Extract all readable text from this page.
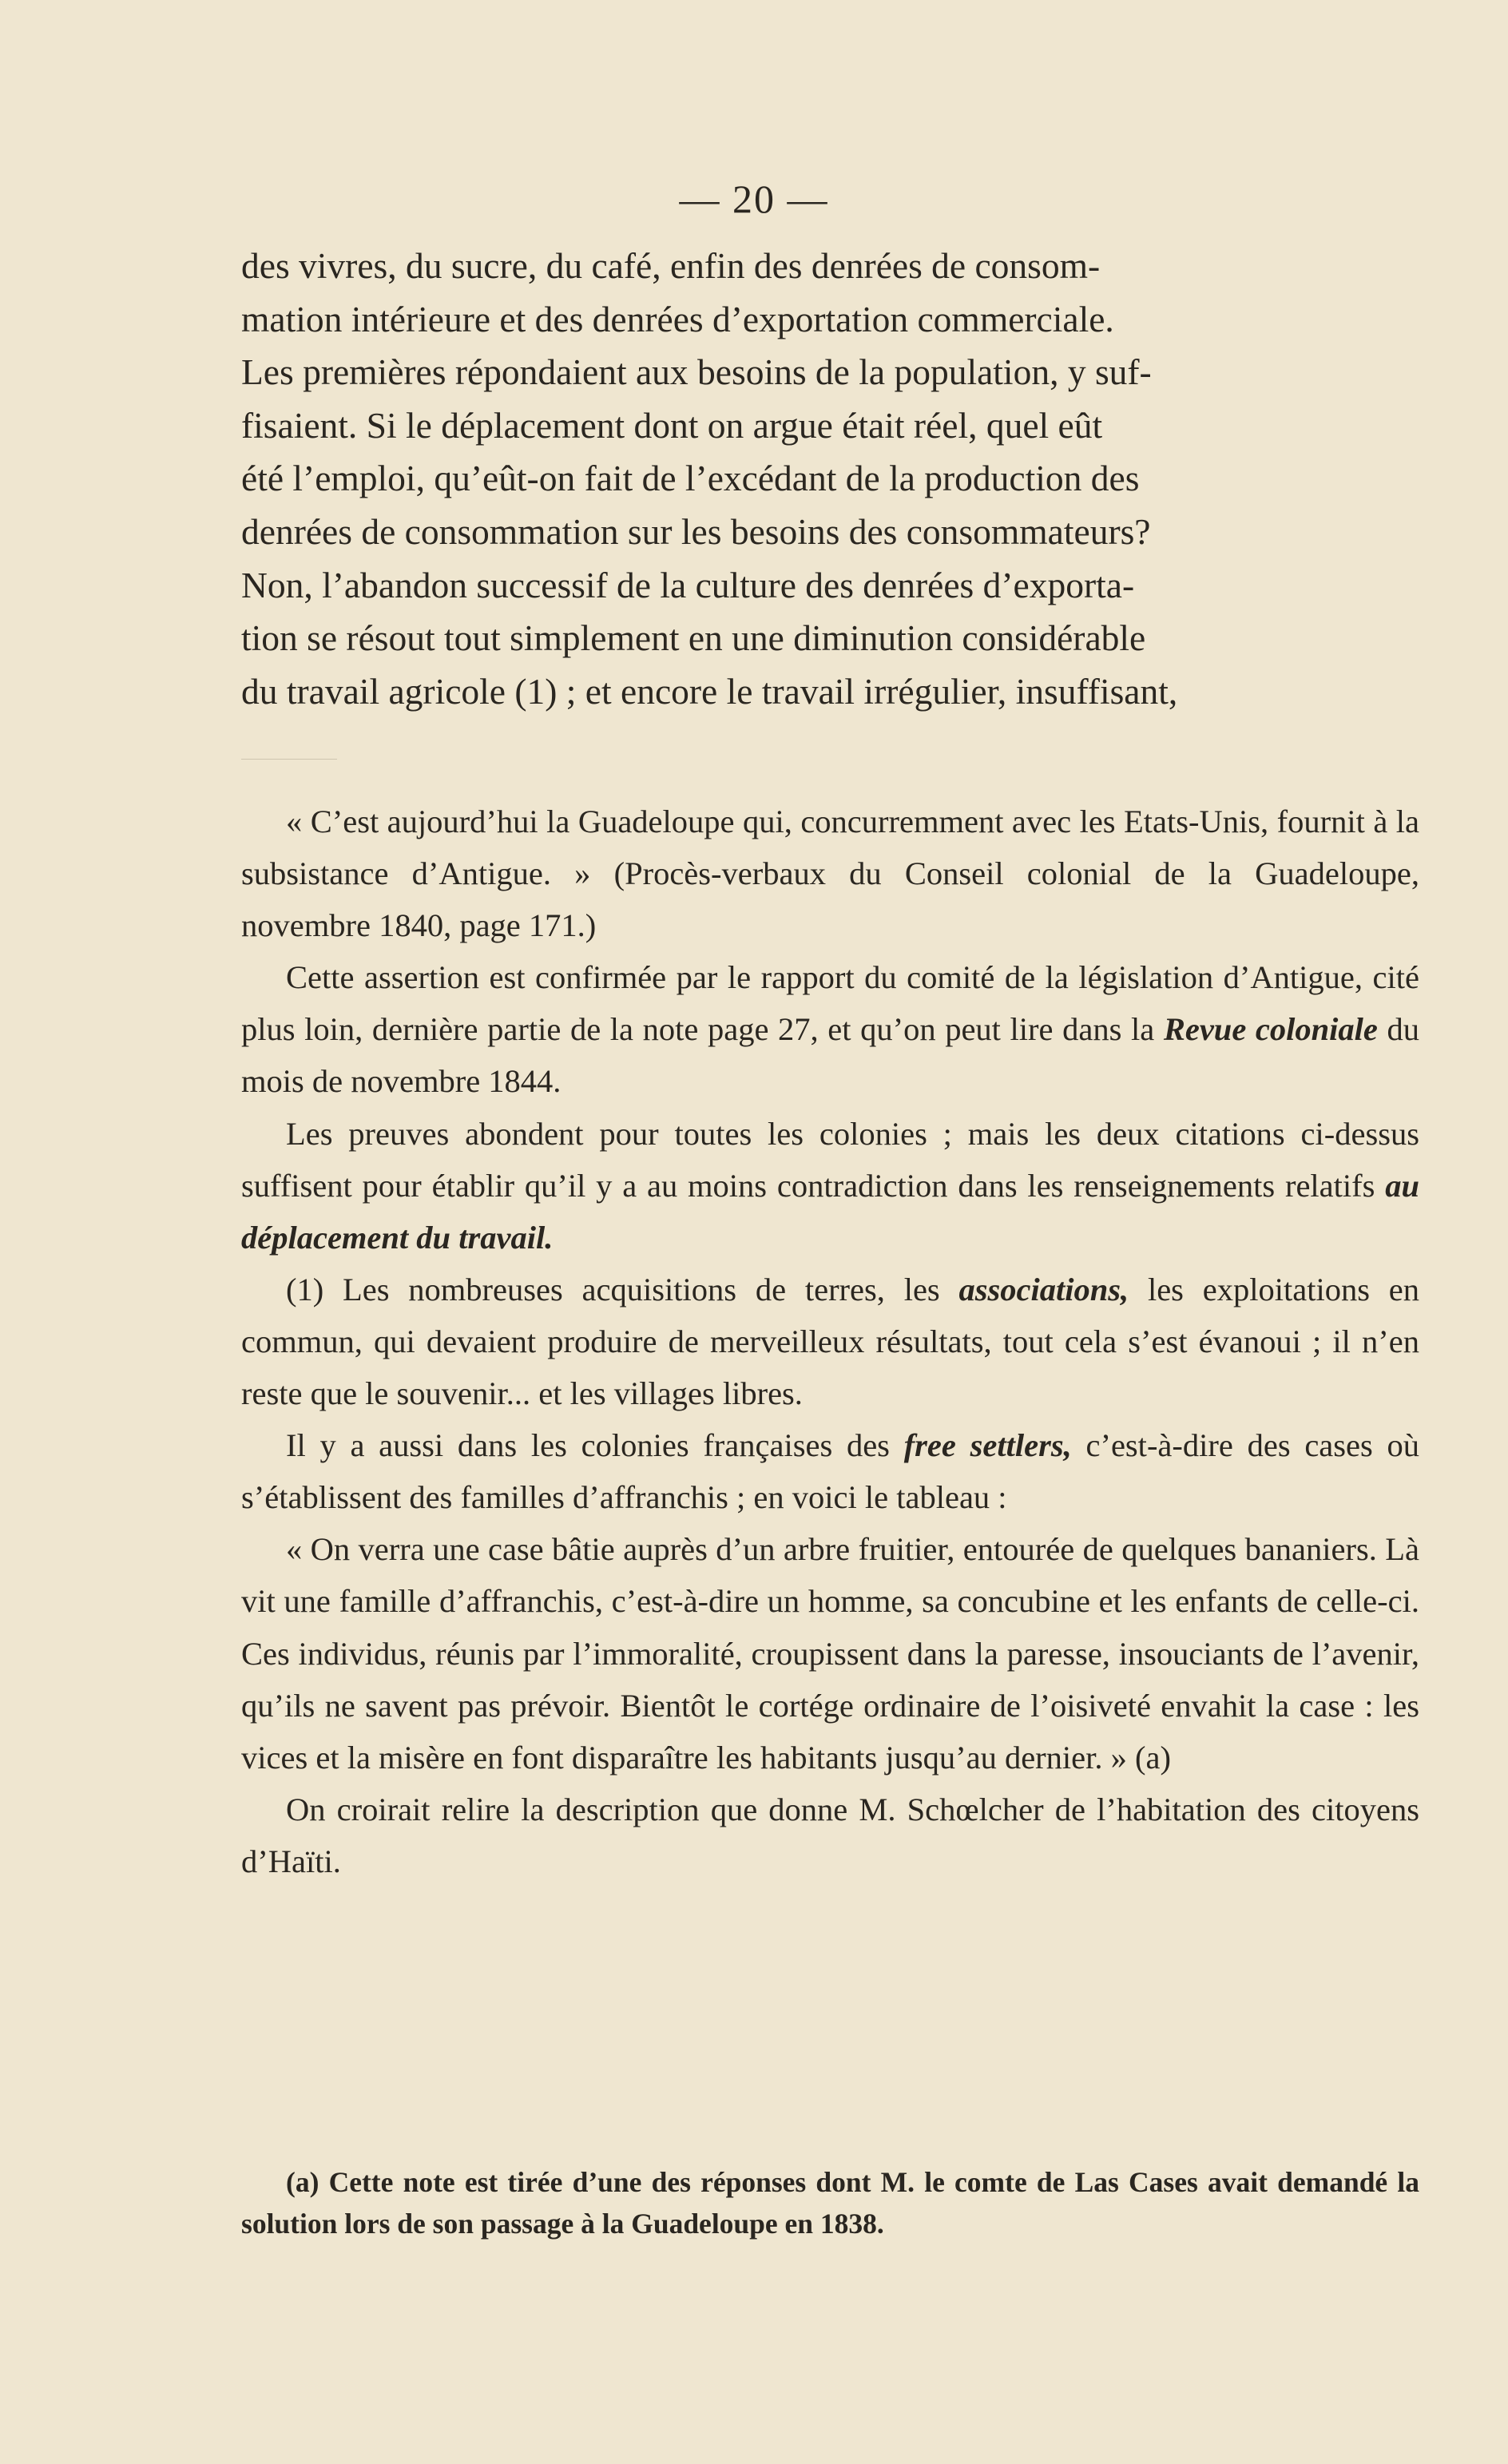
— 20 —

des vivres, du sucre, du café, enfin des denrées de consom-

mation intérieure et des denrées d’exportation commerciale.

Les premières répondaient aux besoins de la population, y suf-

fisaient. Si le déplacement dont on argue était réel, quel eût

été l’emploi, qu’eût-on fait de l’excédant de la production des

denrées de consommation sur les besoins des consommateurs?

Non, l’abandon successif de la culture des denrées d’exporta-

tion se résout tout simplement en une diminution considérable

du travail agricole (1) ; et encore le travail irrégulier, insuffisant,

« C’est aujourd’hui la Guadeloupe qui, concurremment avec les Etats-Unis, fournit à la subsistance d’Antigue. » (Procès-verbaux du Conseil colonial de la Guadeloupe, novembre 1840, page 171.)

Cette assertion est confirmée par le rapport du comité de la législation d’Antigue, cité plus loin, dernière partie de la note page 27, et qu’on peut lire dans la Revue coloniale du mois de novembre 1844.

Les preuves abondent pour toutes les colonies ; mais les deux citations ci-dessus suffisent pour établir qu’il y a au moins contradiction dans les renseignements relatifs au déplacement du travail.

(1) Les nombreuses acquisitions de terres, les associations, les exploitations en commun, qui devaient produire de merveilleux résultats, tout cela s’est évanoui ; il n’en reste que le souvenir... et les villages libres.

Il y a aussi dans les colonies françaises des free settlers, c’est-à-dire des cases où s’établissent des familles d’affranchis ; en voici le tableau :

« On verra une case bâtie auprès d’un arbre fruitier, entourée de quelques bananiers. Là vit une famille d’affranchis, c’est-à-dire un homme, sa concubine et les enfants de celle-ci. Ces individus, réunis par l’immoralité, croupissent dans la paresse, insouciants de l’avenir, qu’ils ne savent pas prévoir. Bientôt le cortége ordinaire de l’oisiveté envahit la case : les vices et la misère en font disparaître les habitants jusqu’au dernier. » (a)

On croirait relire la description que donne M. Schœlcher de l’habitation des citoyens d’Haïti.

(a) Cette note est tirée d’une des réponses dont M. le comte de Las Cases avait demandé la solution lors de son passage à la Guadeloupe en 1838.
